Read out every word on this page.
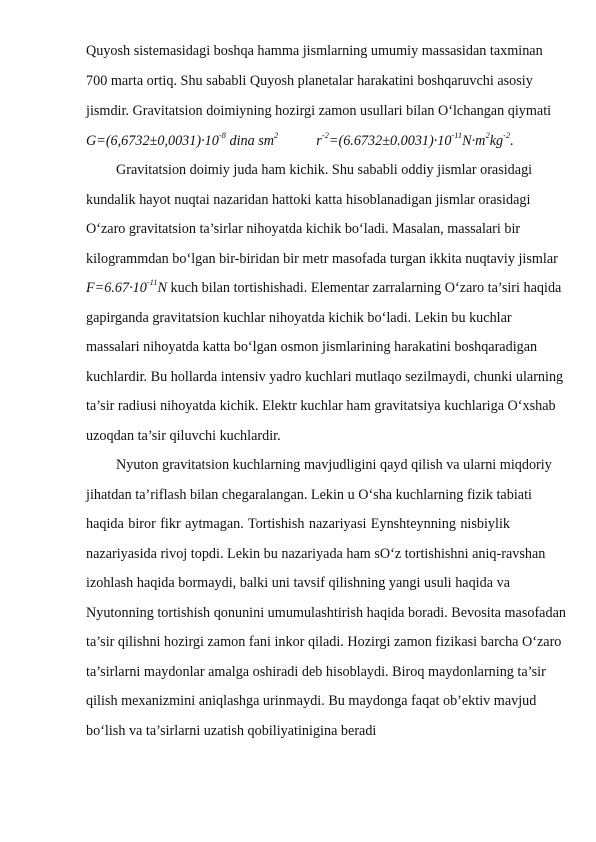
Quyosh sistemasidagi boshqa hamma jismlarning umumiy massasidan taxminan
700 marta ortiq. Shu sababli Quyosh planetalar harakatini boshqaruvchi asosiy
jismdir. Gravitatsion doimiyning hozirgi zamon usullari bilan O‘lchangan qiymati
$G=(6,6732\pm 0,0031)\cdot 10^{-8}$ dina $sm^2$	$r^{-2}=(6.6732\pm 0.0031)\cdot 10^{-11}N\cdot m^2kg^{-2}$.
Gravitatsion doimiy juda ham kichik. Shu sababli oddiy jismlar orasidagi
kundalik hayot nuqtai nazaridan hattoki katta hisoblanadigan jismlar orasidagi
O‘zaro gravitatsion ta’sirlar nihoyatda kichik bo‘ladi. Masalan, massalari bir
kilogrammdan bo‘lgan bir-biridan bir metr masofada turgan ikkita nuqtaviy jismlar
$F=6.67\cdot 10^{-11}N$ kuch bilan tortishishadi. Elementar zarralarning O‘zaro ta’siri haqida
gapirganda gravitatsion kuchlar nihoyatda kichik bo‘ladi. Lekin bu kuchlar
massalari nihoyatda katta bo‘lgan osmon jismlarining harakatini boshqaradigan
kuchlardir. Bu hollarda intensiv yadro kuchlari mutlaqo sezilmaydi, chunki ularning
ta’sir radiusi nihoyatda kichik. Elektr kuchlar ham gravitatsiya kuchlariga O‘xshab
uzoqdan ta’sir qiluvchi kuchlardir.
Nyuton gravitatsion kuchlarning mavjudligini qayd qilish va ularni miqdoriy
jihatdan ta’riflash bilan chegaralangan. Lekin u O‘sha kuchlarning fizik tabiati
haqida biror fikr aytmagan. Tortishish nazariyasi Eynshteynning nisbiylik
nazariyasida rivoj topdi. Lekin bu nazariyada ham sO‘z tortishishni aniq-ravshan
izohlash haqida bormaydi, balki uni tavsif qilishning yangi usuli haqida va
Nyutonning tortishish qonunini umumulashtirish haqida boradi. Bevosita masofadan
ta’sir qilishni hozirgi zamon fani inkor qiladi. Hozirgi zamon fizikasi barcha O‘zaro
ta’sirlarni maydonlar amalga oshiradi deb hisoblaydi. Biroq maydonlarning ta’sir
qilish mexanizmini aniqlashga urinmaydi. Bu maydonga faqat ob’ektiv mavjud
bo‘lish va ta’sirlarni uzatish qobiliyatinigina beradi
